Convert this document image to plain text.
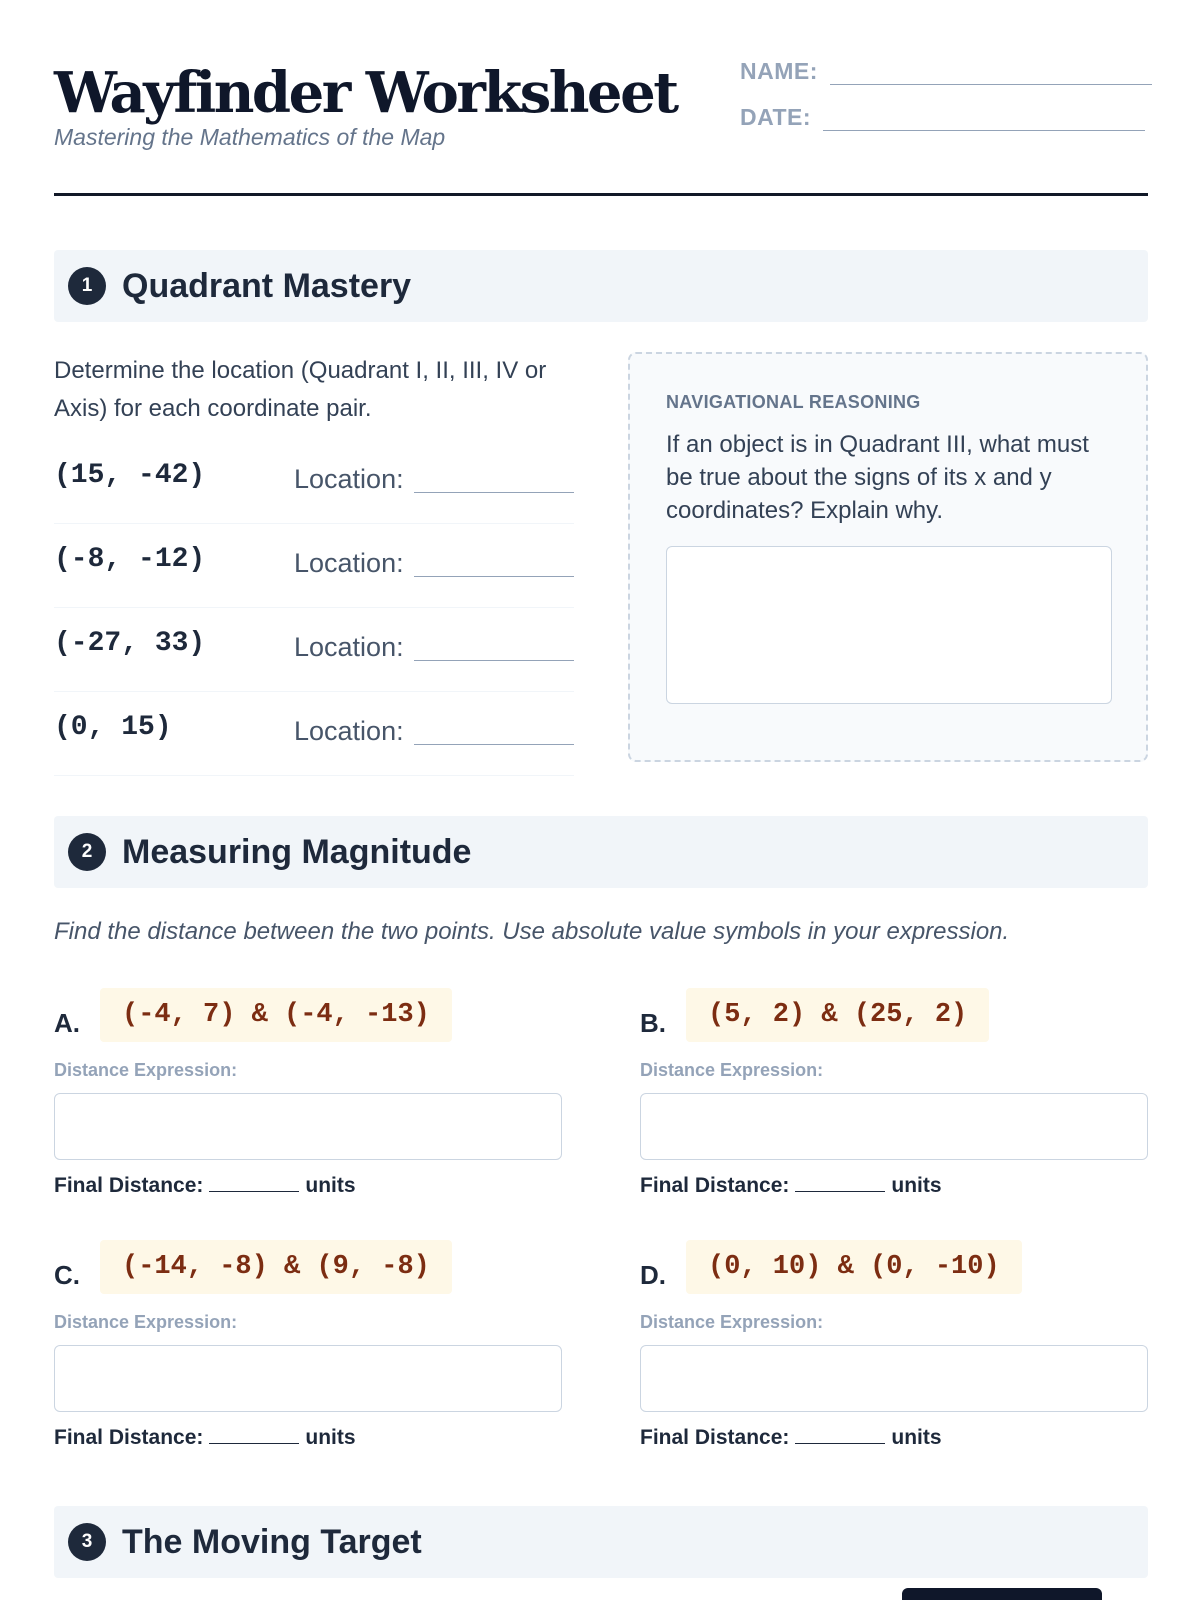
Wayfinder Worksheet
Mastering the Mathematics of the Map
NAME:
DATE:
1 Quadrant Mastery
Determine the location (Quadrant I, II, III, IV or Axis) for each coordinate pair.
(15, -42)	Location:
(-8, -12)	Location:
(-27, 33)	Location:
(0, 15)	Location:
NAVIGATIONAL REASONING
If an object is in Quadrant III, what must be true about the signs of its x and y coordinates? Explain why.
2 Measuring Magnitude
Find the distance between the two points. Use absolute value symbols in your expression.
A.	(-4, 7) & (-4, -13)
Distance Expression:
Final Distance:	units
B.	(5, 2) & (25, 2)
Distance Expression:
Final Distance:	units
C.	(-14, -8) & (9, -8)
Distance Expression:
Final Distance:	units
D.	(0, 10) & (0, -10)
Distance Expression:
Final Distance:	units
3 The Moving Target
